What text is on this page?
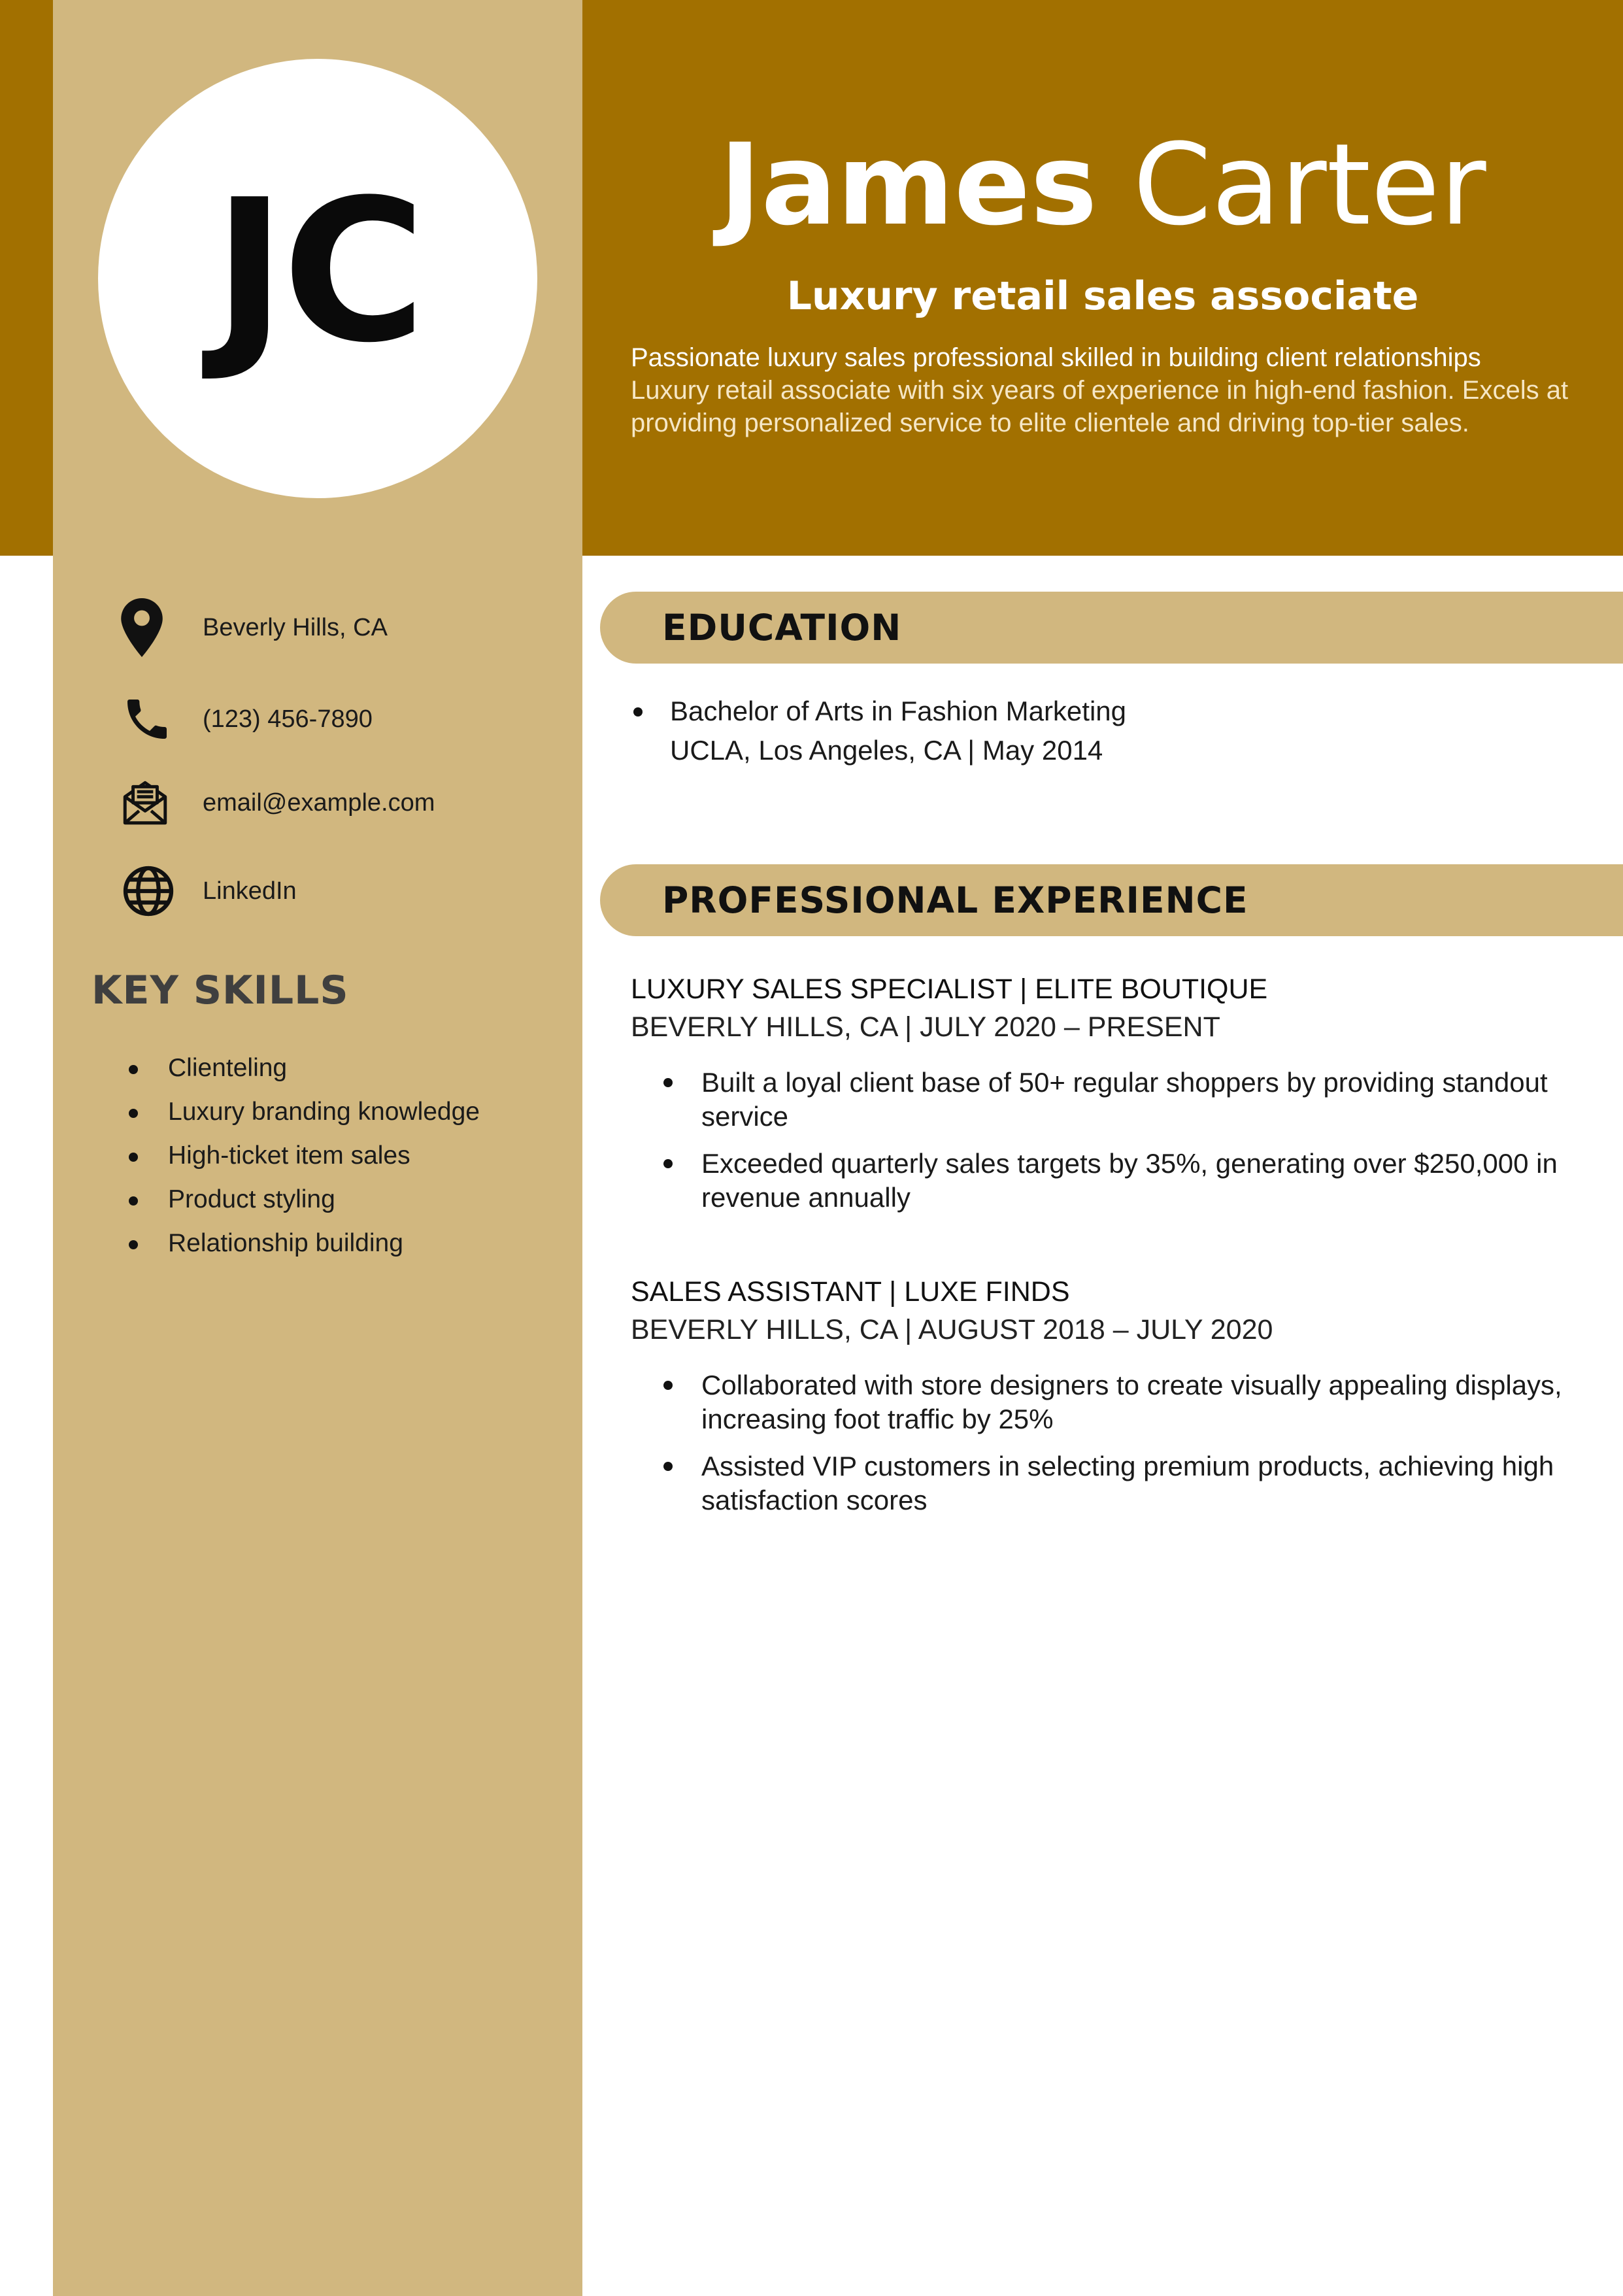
JC	James Carter
Luxury retail sales associate
Passionate luxury sales professional skilled in building client relationships
Luxury retail associate with six years of experience in high-end fashion. Excels at providing personalized service to elite clientele and driving top-tier sales.
Beverly Hills, CA
(123) 456-7890
email@example.com
LinkedIn
KEY SKILLS
Clienteling
Luxury branding knowledge
High-ticket item sales
Product styling
Relationship building
EDUCATION
Bachelor of Arts in Fashion Marketing
UCLA, Los Angeles, CA | May 2014
PROFESSIONAL EXPERIENCE
LUXURY SALES SPECIALIST | ELITE BOUTIQUE
BEVERLY HILLS, CA | JULY 2020 – PRESENT
Built a loyal client base of 50+ regular shoppers by providing standout service
Exceeded quarterly sales targets by 35%, generating over $250,000 in revenue annually
SALES ASSISTANT | LUXE FINDS
BEVERLY HILLS, CA | AUGUST 2018 – JULY 2020
Collaborated with store designers to create visually appealing displays, increasing foot traffic by 25%
Assisted VIP customers in selecting premium products, achieving high satisfaction scores
